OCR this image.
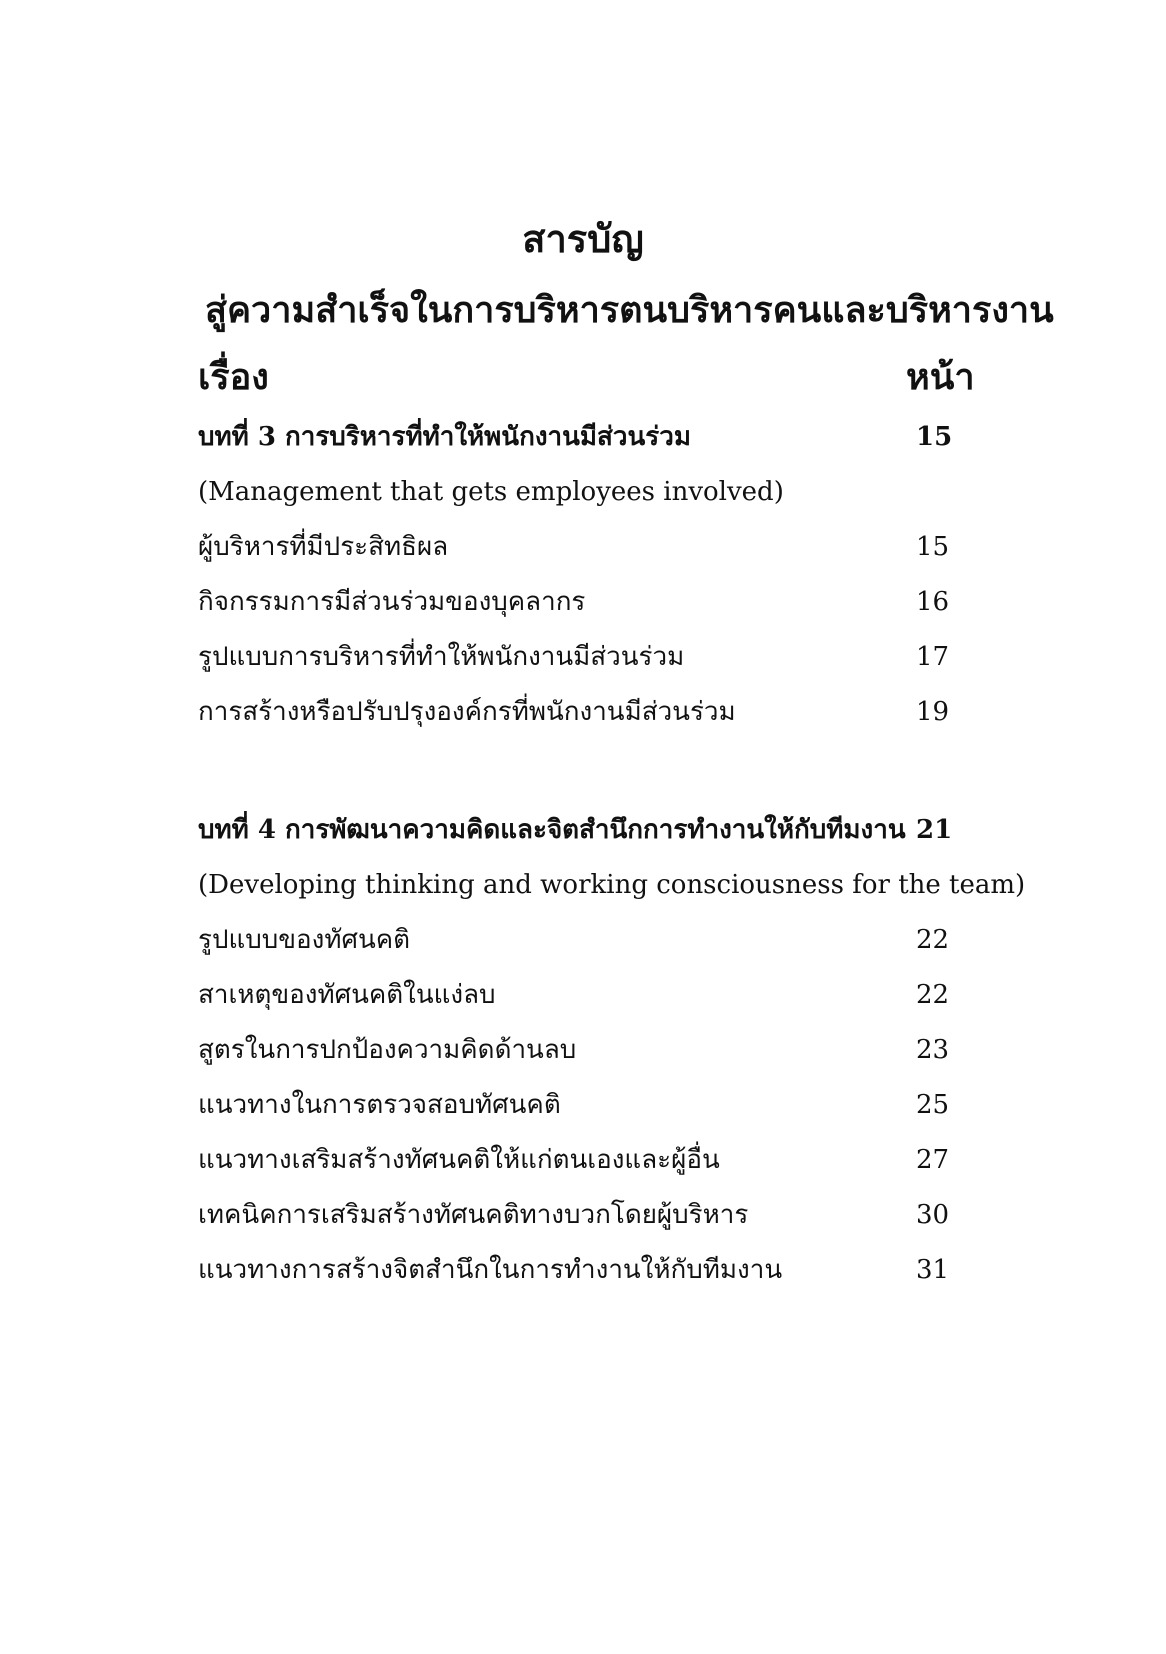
สารบัญ
สู่ความสำเร็จในการบริหารตนบริหารคนและบริหารงาน
เรื่อง	หน้า
บทที่ 3 การบริหารที่ทำให้พนักงานมีส่วนร่วม	15
(Management that gets employees involved)
ผู้บริหารที่มีประสิทธิผล	15
กิจกรรมการมีส่วนร่วมของบุคลากร	16
รูปแบบการบริหารที่ทำให้พนักงานมีส่วนร่วม	17
การสร้างหรือปรับปรุงองค์กรที่พนักงานมีส่วนร่วม	19
บทที่ 4 การพัฒนาความคิดและจิตสำนึกการทำงานให้กับทีมงาน 21
(Developing thinking and working consciousness for the team)
รูปแบบของทัศนคติ	22
สาเหตุของทัศนคติในแง่ลบ	22
สูตรในการปกป้องความคิดด้านลบ	23
แนวทางในการตรวจสอบทัศนคติ	25
แนวทางเสริมสร้างทัศนคติให้แก่ตนเองและผู้อื่น	27
เทคนิคการเสริมสร้างทัศนคติทางบวกโดยผู้บริหาร	30
แนวทางการสร้างจิตสำนึกในการทำงานให้กับทีมงาน	31
